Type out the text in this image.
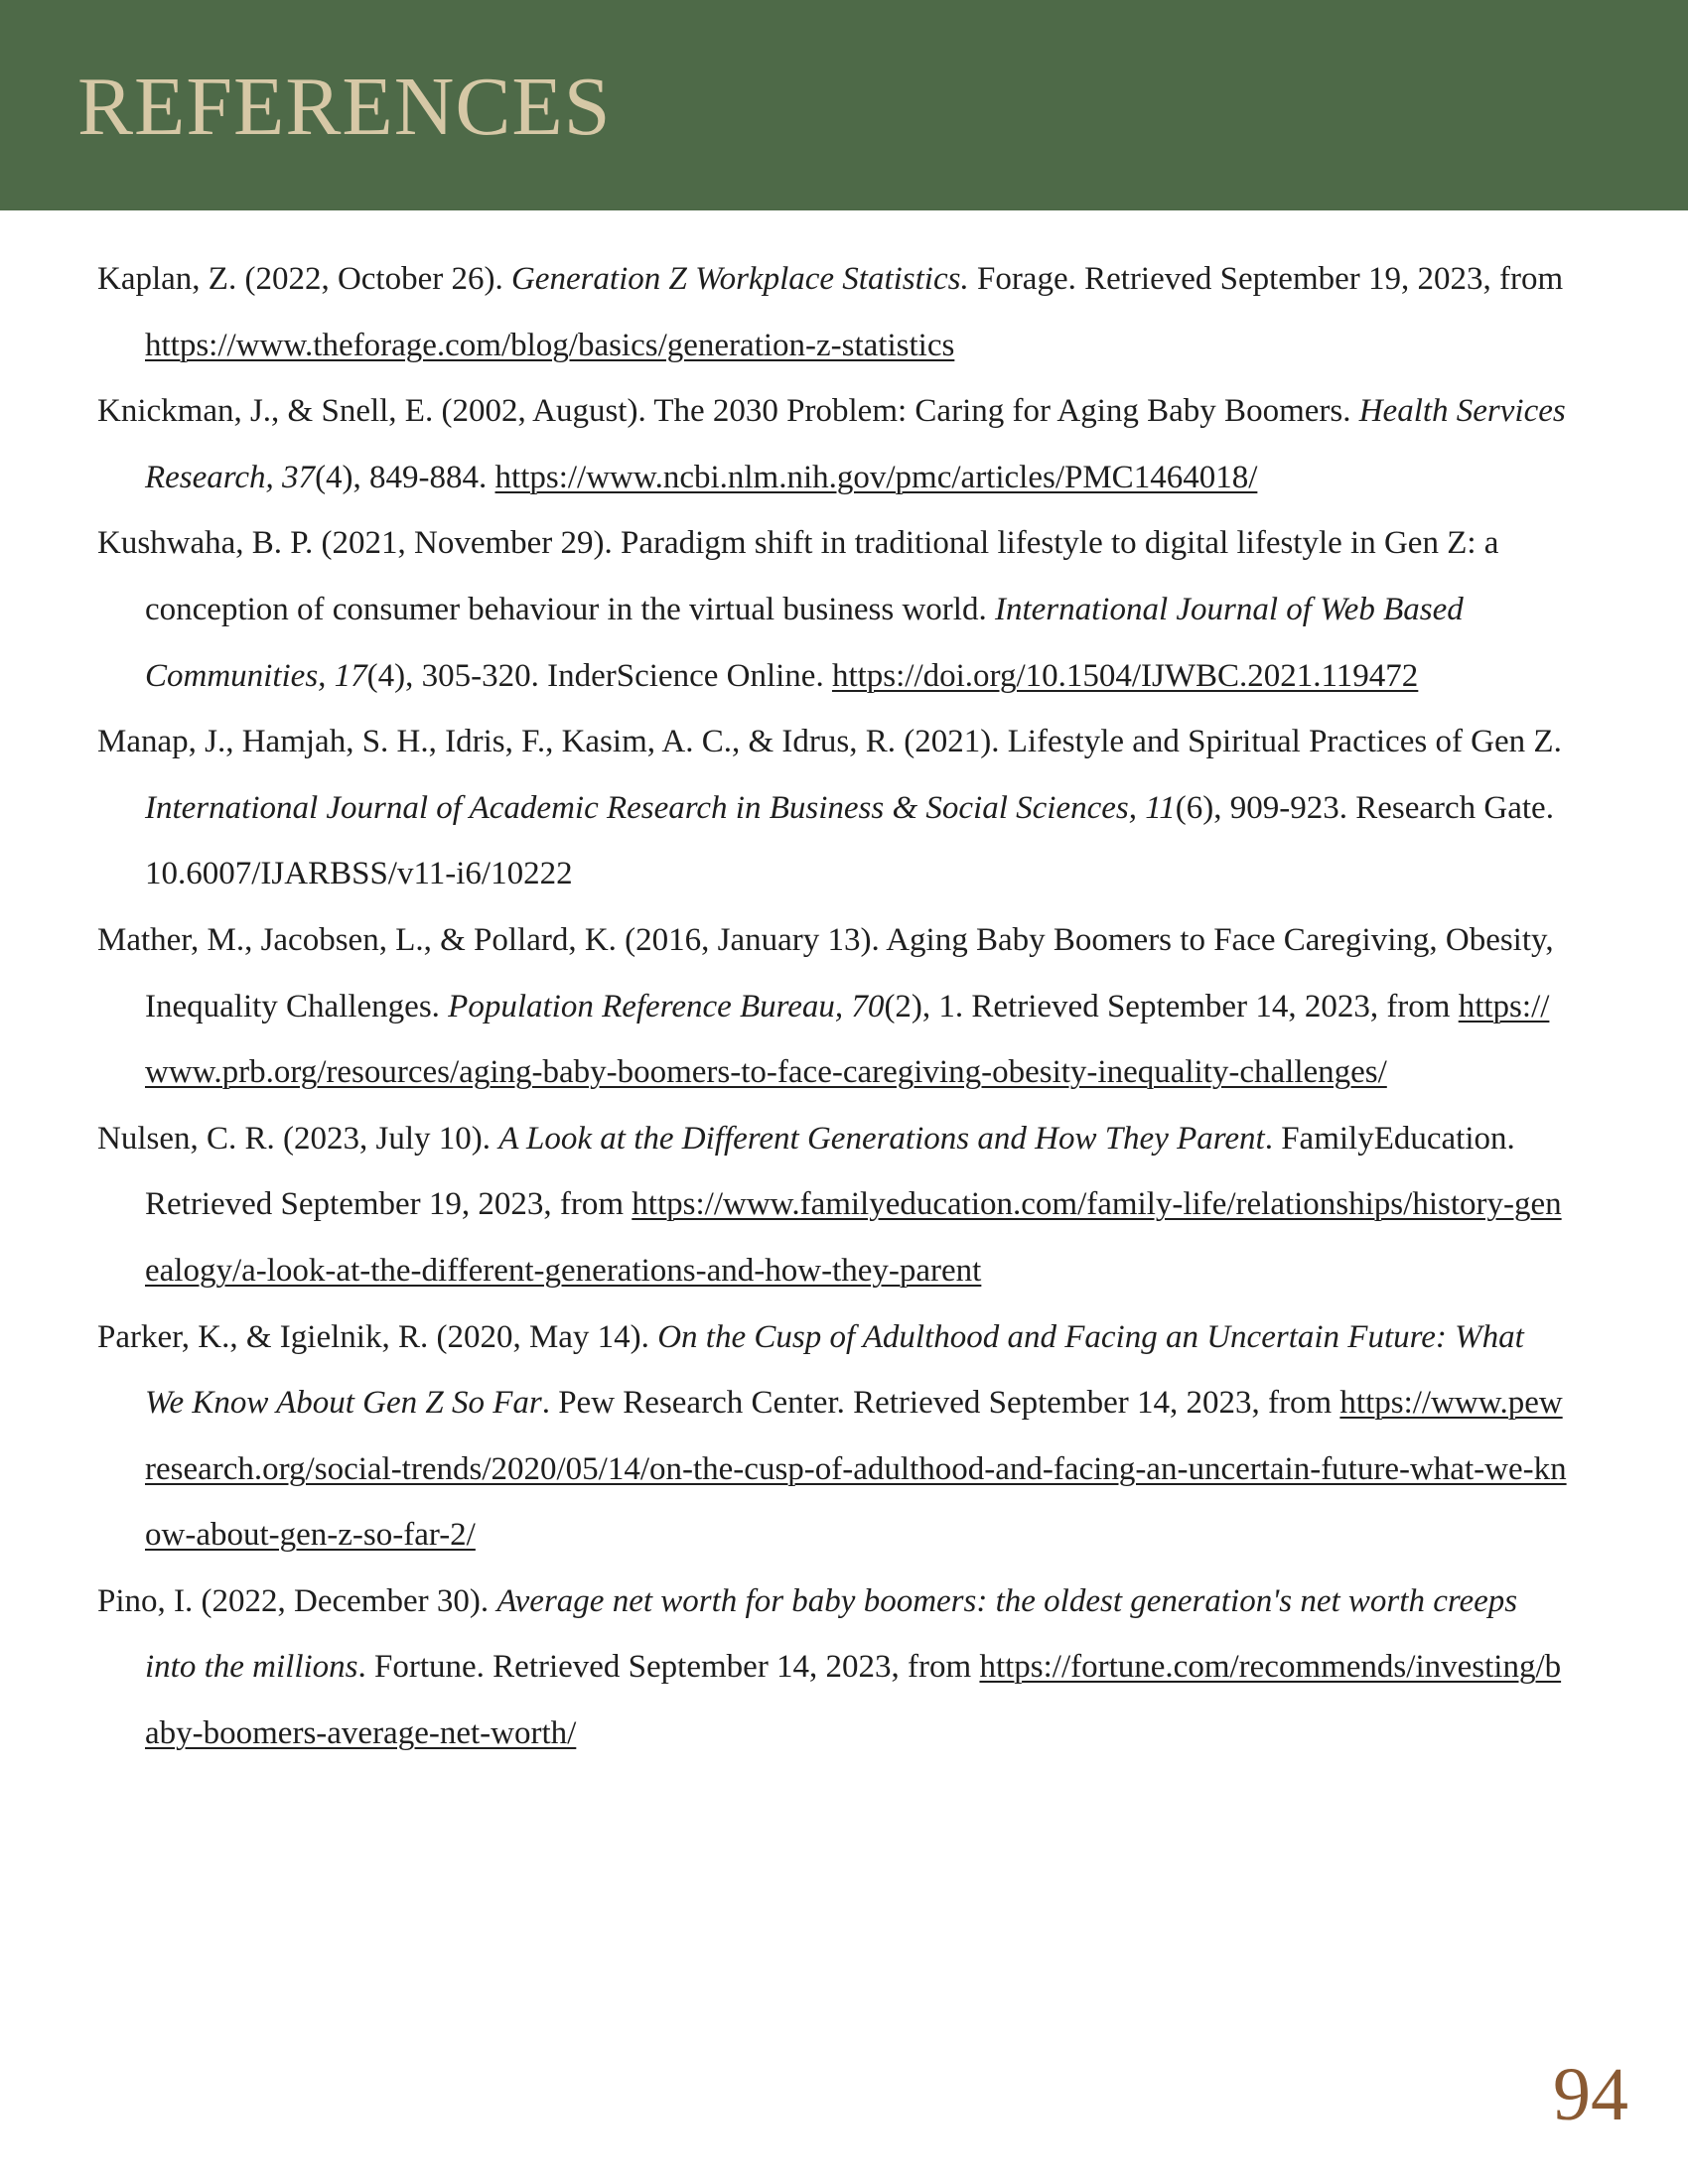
REFERENCES
Kaplan, Z. (2022, October 26). Generation Z Workplace Statistics. Forage. Retrieved September 19, 2023, from https://www.theforage.com/blog/basics/generation-z-statistics
Knickman, J., & Snell, E. (2002, August). The 2030 Problem: Caring for Aging Baby Boomers. Health Services Research, 37(4), 849-884. https://www.ncbi.nlm.nih.gov/pmc/articles/PMC1464018/
Kushwaha, B. P. (2021, November 29). Paradigm shift in traditional lifestyle to digital lifestyle in Gen Z: a conception of consumer behaviour in the virtual business world. International Journal of Web Based Communities, 17(4), 305-320. InderScience Online. https://doi.org/10.1504/IJWBC.2021.119472
Manap, J., Hamjah, S. H., Idris, F., Kasim, A. C., & Idrus, R. (2021). Lifestyle and Spiritual Practices of Gen Z. International Journal of Academic Research in Business & Social Sciences, 11(6), 909-923. Research Gate. 10.6007/IJARBSS/v11-i6/10222
Mather, M., Jacobsen, L., & Pollard, K. (2016, January 13). Aging Baby Boomers to Face Caregiving, Obesity, Inequality Challenges. Population Reference Bureau, 70(2), 1. Retrieved September 14, 2023, from https://www.prb.org/resources/aging-baby-boomers-to-face-caregiving-obesity-inequality-challenges/
Nulsen, C. R. (2023, July 10). A Look at the Different Generations and How They Parent. FamilyEducation. Retrieved September 19, 2023, from https://www.familyeducation.com/family-life/relationships/history-genealogy/a-look-at-the-different-generations-and-how-they-parent
Parker, K., & Igielnik, R. (2020, May 14). On the Cusp of Adulthood and Facing an Uncertain Future: What We Know About Gen Z So Far. Pew Research Center. Retrieved September 14, 2023, from https://www.pewresearch.org/social-trends/2020/05/14/on-the-cusp-of-adulthood-and-facing-an-uncertain-future-what-we-know-about-gen-z-so-far-2/
Pino, I. (2022, December 30). Average net worth for baby boomers: the oldest generation's net worth creeps into the millions. Fortune. Retrieved September 14, 2023, from https://fortune.com/recommends/investing/baby-boomers-average-net-worth/
94
